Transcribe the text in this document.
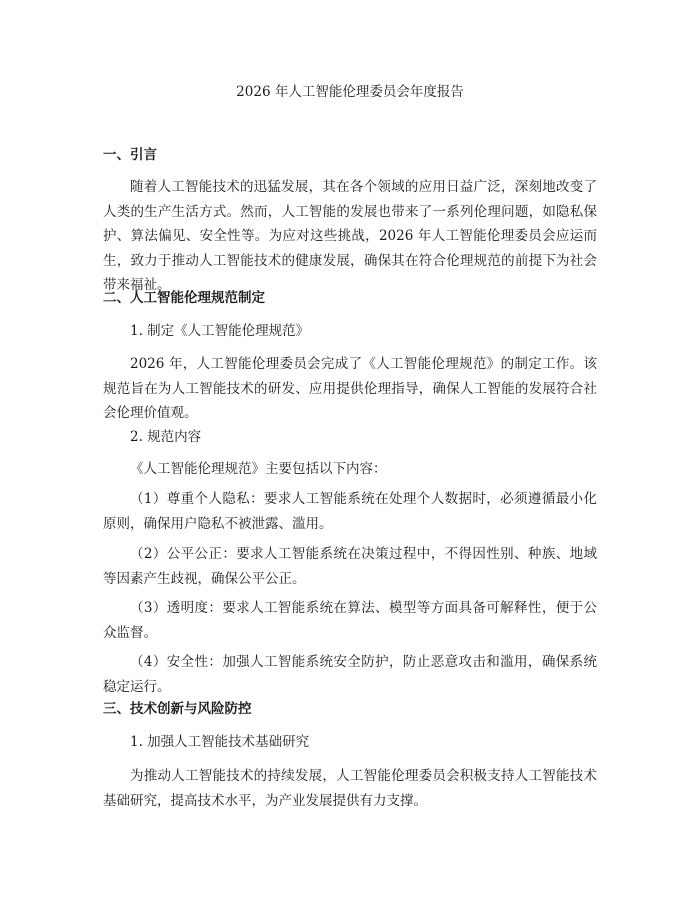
2026 年人工智能伦理委员会年度报告
一、引言

随着人工智能技术的迅猛发展，其在各个领域的应用日益广泛，深刻地改变了人类的生产生活方式。然而，人工智能的发展也带来了一系列伦理问题，如隐私保护、算法偏见、安全性等。为应对这些挑战，2026 年人工智能伦理委员会应运而生，致力于推动人工智能技术的健康发展，确保其在符合伦理规范的前提下为社会带来福祉。

二、人工智能伦理规范制定
1. 制定《人工智能伦理规范》

2026 年，人工智能伦理委员会完成了《人工智能伦理规范》的制定工作。该规范旨在为人工智能技术的研发、应用提供伦理指导，确保人工智能的发展符合社会伦理价值观。

2. 规范内容

《人工智能伦理规范》主要包括以下内容：

（1）尊重个人隐私：要求人工智能系统在处理个人数据时，必须遵循最小化原则，确保用户隐私不被泄露、滥用。

（2）公平公正：要求人工智能系统在决策过程中，不得因性别、种族、地域等因素产生歧视，确保公平公正。

（3）透明度：要求人工智能系统在算法、模型等方面具备可解释性，便于公众监督。

（4）安全性：加强人工智能系统安全防护，防止恶意攻击和滥用，确保系统稳定运行。

三、技术创新与风险防控
1. 加强人工智能技术基础研究

为推动人工智能技术的持续发展，人工智能伦理委员会积极支持人工智能技术基础研究，提高技术水平，为产业发展提供有力支撑。
